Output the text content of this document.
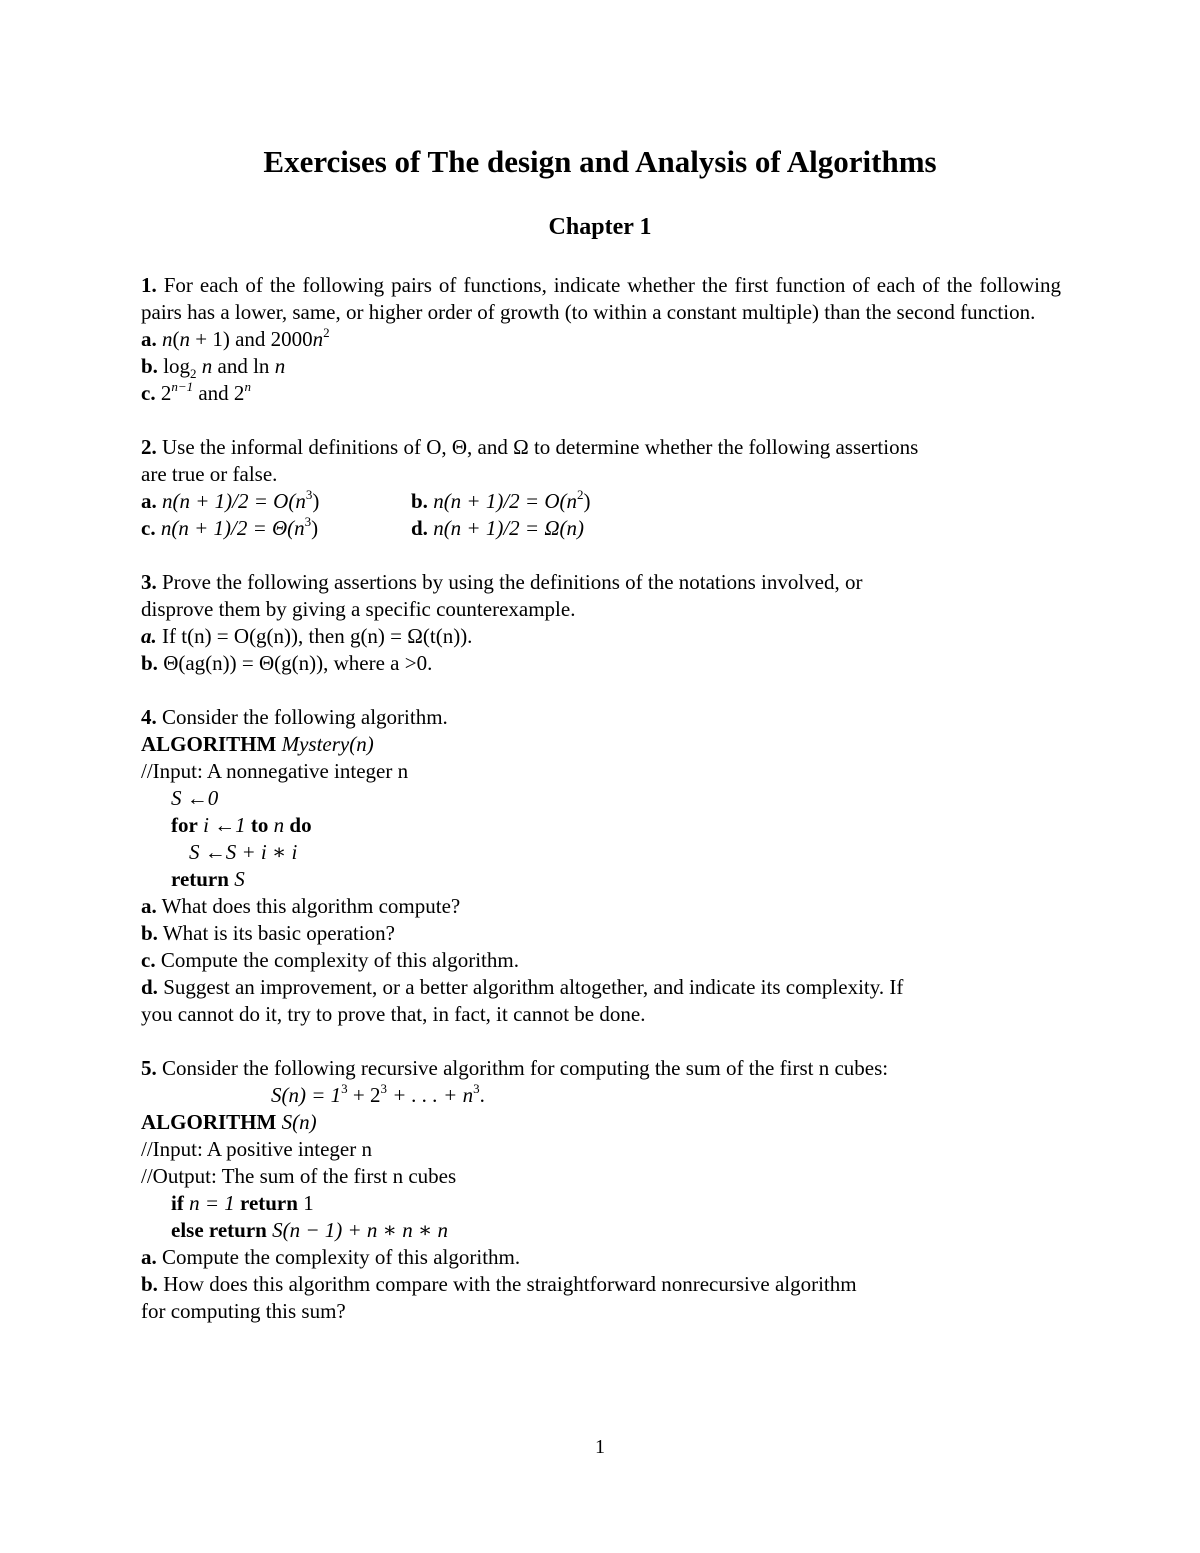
Exercises of The design and Analysis of Algorithms
Chapter 1
1. For each of the following pairs of functions, indicate whether the first function of each of the following pairs has a lower, same, or higher order of growth (to within a constant multiple) than the second function.
a. n(n + 1) and $2000n^2$
b. $\log_2 n$ and ln n
c. $2^{n-1}$ and 2$^n$
2. Use the informal definitions of O, Θ, and Ω to determine whether the following assertions
are true or false.
a. $n(n + 1)/2 = O(n^3)$	b. $n(n + 1)/2 = O(n^2)$
c. $n(n + 1)/2 = \Theta(n^3)$	d. n(n + 1)/2 = Ω(n)
3. Prove the following assertions by using the definitions of the notations involved, or
disprove them by giving a specific counterexample.
a. If t(n) = O(g(n)), then g(n) = Ω(t(n)).
b. Θ(ag(n)) = Θ(g(n)), where a >0.
4. Consider the following algorithm.
ALGORITHM Mystery(n)
//Input: A nonnegative integer n
S ←0
for i ←1 to n do
S ←S + i ∗ i
return S
a. What does this algorithm compute?
b. What is its basic operation?
c. Compute the complexity of this algorithm.
d. Suggest an improvement, or a better algorithm altogether, and indicate its complexity. If
you cannot do it, try to prove that, in fact, it cannot be done.
5. Consider the following recursive algorithm for computing the sum of the first n cubes:
$S(n) = 1^3 + 2^3$ + . . . + $n^3$.
ALGORITHM S(n)
//Input: A positive integer n
//Output: The sum of the first n cubes
if n = 1 return 1
else return S(n − 1) + n ∗ n ∗ n
a. Compute the complexity of this algorithm.
b. How does this algorithm compare with the straightforward nonrecursive algorithm
for computing this sum?
1
